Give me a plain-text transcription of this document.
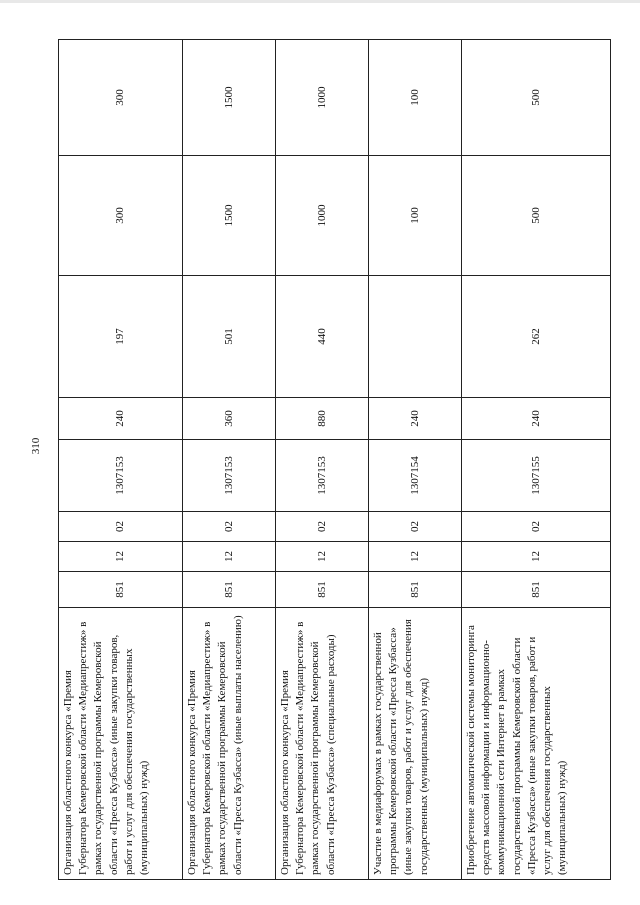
310
Организация областного конкурса «Премия Губернатора Кемеровской области «Медиапрестиж» в рамках государственной программы Кемеровской области «Пресса Кузбасса» (иные закупки товаров, работ и услуг для обеспечения государственных (муниципальных) нужд)	851	12	02	1307153	240	197	300	300
Организация областного конкурса «Премия Губернатора Кемеровской области «Медиапрестиж» в рамках государственной программы Кемеровской области «Пресса Кузбасса» (иные выплаты населению)	851	12	02	1307153	360	501	1500	1500
Организация областного конкурса «Премия Губернатора Кемеровской области «Медиапрестиж» в рамках государственной программы Кемеровской области «Пресса Кузбасса» (специальные расходы)	851	12	02	1307153	880	440	1000	1000
Участие в медиафорумах в рамках государственной программы Кемеровской области «Пресса Кузбасса» (иные закупки товаров, работ и услуг для обеспечения государственных (муниципальных) нужд)	851	12	02	1307154	240		100	100
Приобретение автоматической системы мониторинга средств массовой информации и информационно-коммуникационной сети Интернет в рамках государственной программы Кемеровской области «Пресса Кузбасса» (иные закупки товаров, работ и услуг для обеспечения государственных (муниципальных) нужд)	851	12	02	1307155	240	262	500	500
